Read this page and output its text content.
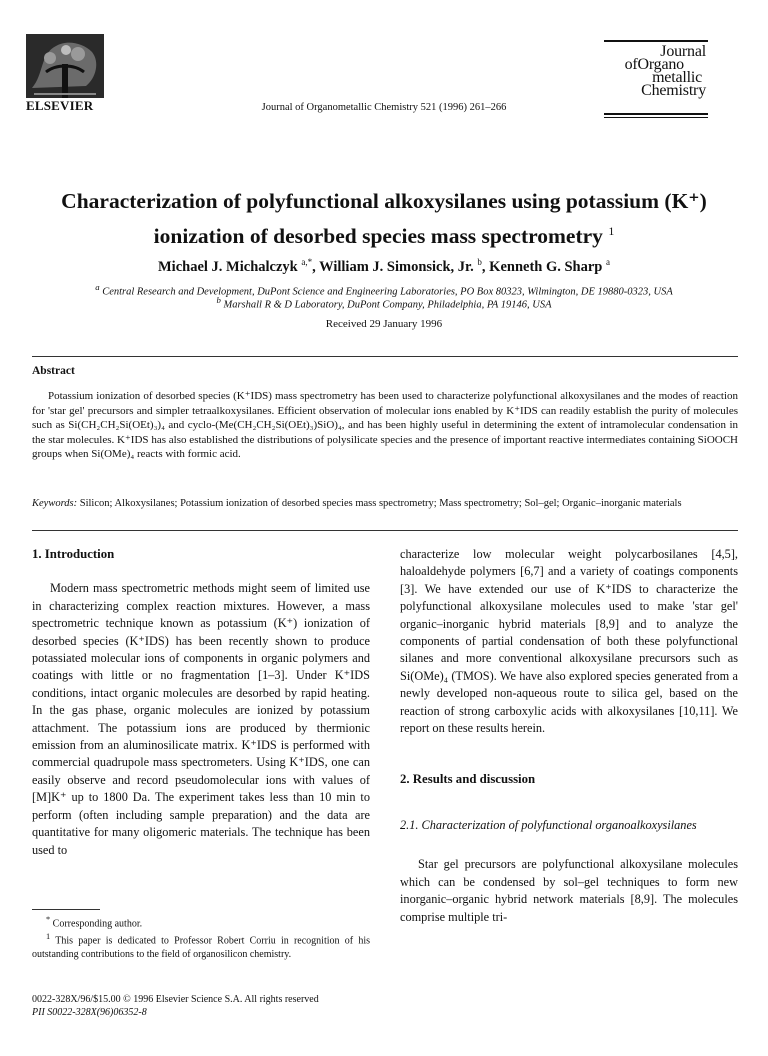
ELSEVIER	Journal of Organometallic Chemistry 521 (1996) 261–266
Journal
ofOrgano
metallic
Chemistry
Characterization of polyfunctional alkoxysilanes using potassium (K⁺)
ionization of desorbed species mass spectrometry $^1$
Michael J. Michalczyk $^{a,*}$, William J. Simonsick, Jr. $^b$, Kenneth G. Sharp $^a$
$^a$ Central Research and Development, DuPont Science and Engineering Laboratories, PO Box 80323, Wilmington, DE 19880-0323, USA
$^b$ Marshall R & D Laboratory, DuPont Company, Philadelphia, PA 19146, USA
Received 29 January 1996
Abstract
Potassium ionization of desorbed species (K⁺IDS) mass spectrometry has been used to characterize polyfunctional alkoxysilanes and the modes of reaction for 'star gel' precursors and simpler tetraalkoxysilanes. Efficient observation of molecular ions enabled by K⁺IDS can readily establish the purity of molecules such as Si(CH₂CH₂Si(OEt)₃)₄ and cyclo-(Me(CH₂CH₂Si(OEt)₃)SiO)₄, and has been highly useful in determining the extent of intramolecular condensation in the star molecules. K⁺IDS has also established the distributions of polysilicate species and the presence of important reactive intermediates containing SiOOCH groups when Si(OMe)₄ reacts with formic acid.
Keywords: Silicon; Alkoxysilanes; Potassium ionization of desorbed species mass spectrometry; Mass spectrometry; Sol–gel; Organic–inorganic materials
1. Introduction

Modern mass spectrometric methods might seem of limited use in characterizing complex reaction mixtures. However, a mass spectrometric technique known as potassium (K⁺) ionization of desorbed species (K⁺IDS) has been recently shown to produce potassiated molecular ions of components in organic polymers and coatings with little or no fragmentation [1–3]. Under K⁺IDS conditions, intact organic molecules are desorbed by rapid heating. In the gas phase, organic molecules are ionized by potassium attachment. The potassium ions are produced by thermionic emission from an aluminosilicate matrix. K⁺IDS is performed with commercial quadrupole mass spectrometers. Using K⁺IDS, one can easily observe and record pseudomolecular ions with values of [M]K⁺ up to 1800 Da. The experiment takes less than 10 min to perform (often including sample preparation) and the data are quantitative for many oligomeric materials. The technique has been used to

characterize low molecular weight polycarbosilanes [4,5], haloaldehyde polymers [6,7] and a variety of coatings components [3]. We have extended our use of K⁺IDS to characterize the polyfunctional alkoxysilane molecules used to make 'star gel' organic–inorganic hybrid materials [8,9] and to analyze the components of partial condensation of both these polyfunctional silanes and more conventional alkoxysilane precursors such as Si(OMe)₄ (TMOS). We have also explored species generated from a newly developed non-aqueous route to silica gel, based on the reaction of strong carboxylic acids with alkoxysilanes [10,11]. We report on these results herein.

2. Results and discussion
2.1. Characterization of polyfunctional organoalkoxysilanes

Star gel precursors are polyfunctional alkoxysilane molecules which can be condensed by sol–gel techniques to form new inorganic–organic hybrid network materials [8,9]. The molecules comprise multiple tri-

* Corresponding author.

$^1$ This paper is dedicated to Professor Robert Corriu in recognition of his outstanding contributions to the field of organosilicon chemistry.

0022-328X/96/$15.00 © 1996 Elsevier Science S.A. All rights reserved
PII S0022-328X(96)06352-8
